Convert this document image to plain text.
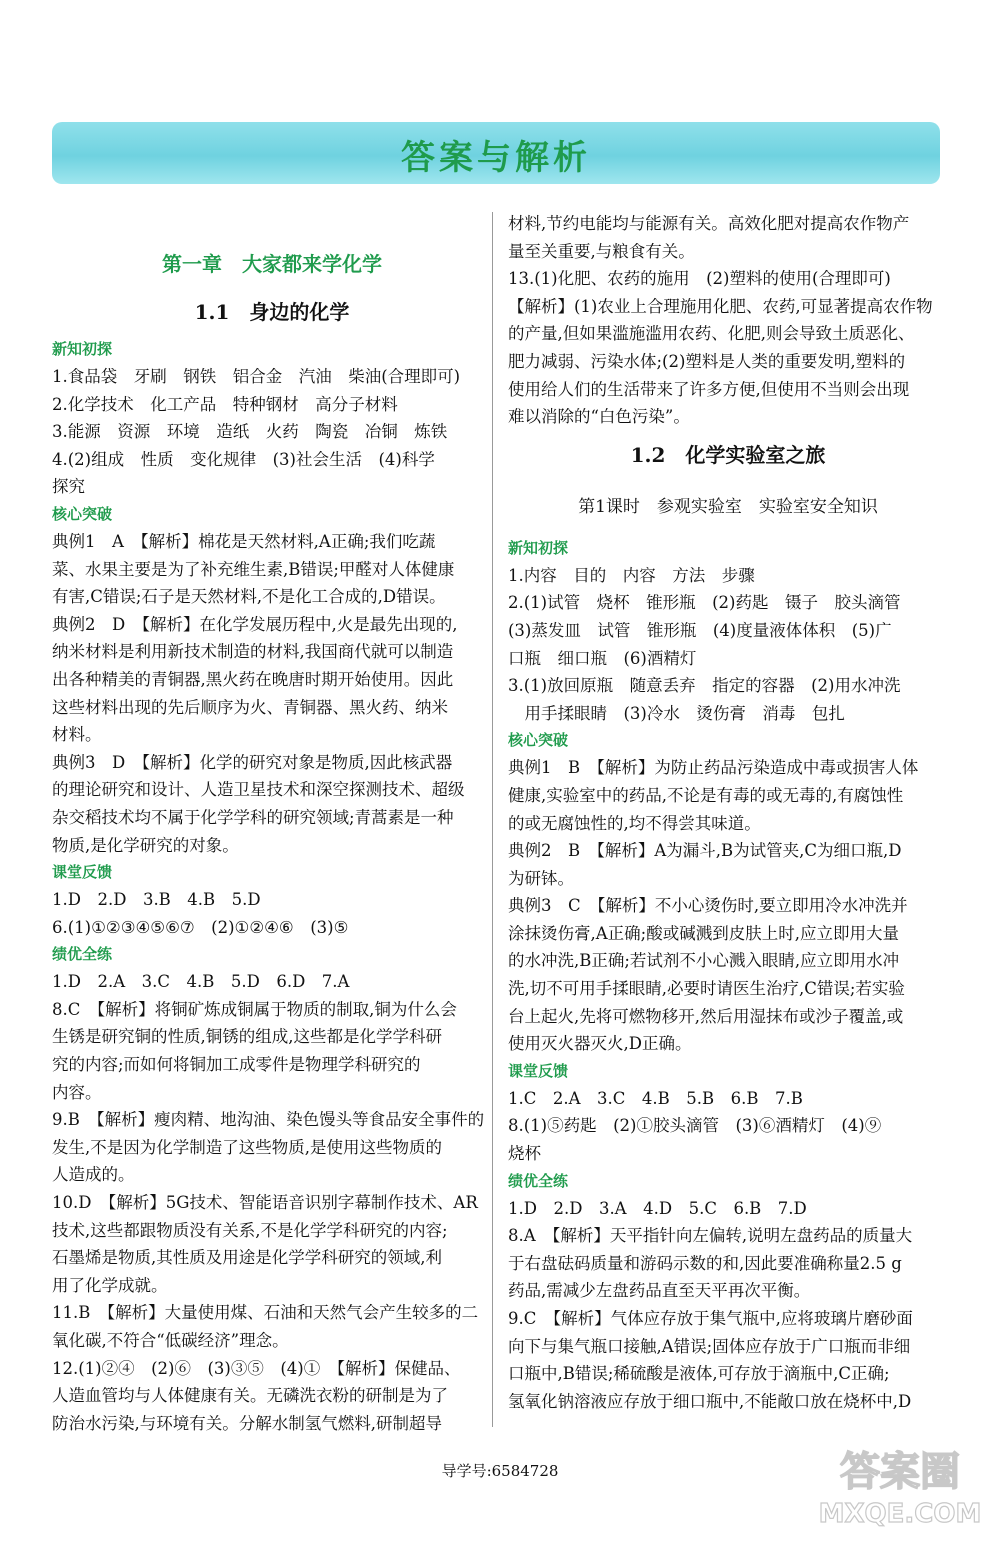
答案与解析
第一章　大家都来学化学
1.1　身边的化学
新知初探
1.食品袋　牙刷　钢铁　铝合金　汽油　柴油(合理即可)
2.化学技术　化工产品　特种钢材　高分子材料
3.能源　资源　环境　造纸　火药　陶瓷　冶铜　炼铁
4.(2)组成　性质　变化规律　(3)社会生活　(4)科学
探究
核心突破
典例1　A　【解析】棉花是天然材料,A正确;我们吃蔬
菜、水果主要是为了补充维生素,B错误;甲醛对人体健康
有害,C错误;石子是天然材料,不是化工合成的,D错误。
典例2　D　【解析】在化学发展历程中,火是最先出现的,
纳米材料是利用新技术制造的材料,我国商代就可以制造
出各种精美的青铜器,黑火药在晚唐时期开始使用。因此
这些材料出现的先后顺序为火、青铜器、黑火药、纳米
材料。
典例3　D　【解析】化学的研究对象是物质,因此核武器
的理论研究和设计、人造卫星技术和深空探测技术、超级
杂交稻技术均不属于化学学科的研究领域;青蒿素是一种
物质,是化学研究的对象。
课堂反馈
1.D　2.D　3.B　4.B　5.D
6.(1)①②③④⑤⑥⑦　(2)①②④⑥　(3)⑤
绩优全练
1.D　2.A　3.C　4.B　5.D　6.D　7.A
8.C　【解析】将铜矿炼成铜属于物质的制取,铜为什么会
生锈是研究铜的性质,铜锈的组成,这些都是化学学科研
究的内容;而如何将铜加工成零件是物理学科研究的
内容。
9.B　【解析】瘦肉精、地沟油、染色馒头等食品安全事件的
发生,不是因为化学制造了这些物质,是使用这些物质的
人造成的。
10.D　【解析】5G技术、智能语音识别字幕制作技术、AR
技术,这些都跟物质没有关系,不是化学学科研究的内容;
石墨烯是物质,其性质及用途是化学学科研究的领域,利
用了化学成就。
11.B　【解析】大量使用煤、石油和天然气会产生较多的二
氧化碳,不符合“低碳经济”理念。
12.(1)②④　(2)⑥　(3)③⑤　(4)①　【解析】保健品、
人造血管均与人体健康有关。无磷洗衣粉的研制是为了
防治水污染,与环境有关。分解水制氢气燃料,研制超导
材料,节约电能均与能源有关。高效化肥对提高农作物产
量至关重要,与粮食有关。
13.(1)化肥、农药的施用　(2)塑料的使用(合理即可)
【解析】(1)农业上合理施用化肥、农药,可显著提高农作物
的产量,但如果滥施滥用农药、化肥,则会导致土质恶化、
肥力减弱、污染水体;(2)塑料是人类的重要发明,塑料的
使用给人们的生活带来了许多方便,但使用不当则会出现
难以消除的“白色污染”。
1.2　化学实验室之旅
第1课时　参观实验室　实验室安全知识
新知初探
1.内容　目的　内容　方法　步骤
2.(1)试管　烧杯　锥形瓶　(2)药匙　镊子　胶头滴管
(3)蒸发皿　试管　锥形瓶　(4)度量液体体积　(5)广
口瓶　细口瓶　(6)酒精灯
3.(1)放回原瓶　随意丢弃　指定的容器　(2)用水冲洗
　用手揉眼睛　(3)冷水　烫伤膏　消毒　包扎
核心突破
典例1　B　【解析】为防止药品污染造成中毒或损害人体
健康,实验室中的药品,不论是有毒的或无毒的,有腐蚀性
的或无腐蚀性的,均不得尝其味道。
典例2　B　【解析】A为漏斗,B为试管夹,C为细口瓶,D
为研钵。
典例3　C　【解析】不小心烫伤时,要立即用冷水冲洗并
涂抹烫伤膏,A正确;酸或碱溅到皮肤上时,应立即用大量
的水冲洗,B正确;若试剂不小心溅入眼睛,应立即用水冲
洗,切不可用手揉眼睛,必要时请医生治疗,C错误;若实验
台上起火,先将可燃物移开,然后用湿抹布或沙子覆盖,或
使用灭火器灭火,D正确。
课堂反馈
1.C　2.A　3.C　4.B　5.B　6.B　7.B
8.(1)⑤药匙　(2)①胶头滴管　(3)⑥酒精灯　(4)⑨
烧杯
绩优全练
1.D　2.D　3.A　4.D　5.C　6.B　7.D
8.A　【解析】天平指针向左偏转,说明左盘药品的质量大
于右盘砝码质量和游码示数的和,因此要准确称量2.5 g
药品,需减少左盘药品直至天平再次平衡。
9.C　【解析】气体应存放于集气瓶中,应将玻璃片磨砂面
向下与集气瓶口接触,A错误;固体应存放于广口瓶而非细
口瓶中,B错误;稀硫酸是液体,可存放于滴瓶中,C正确;
氢氧化钠溶液应存放于细口瓶中,不能敞口放在烧杯中,D
导学号:6584728	答案圈
MXQE.COM
